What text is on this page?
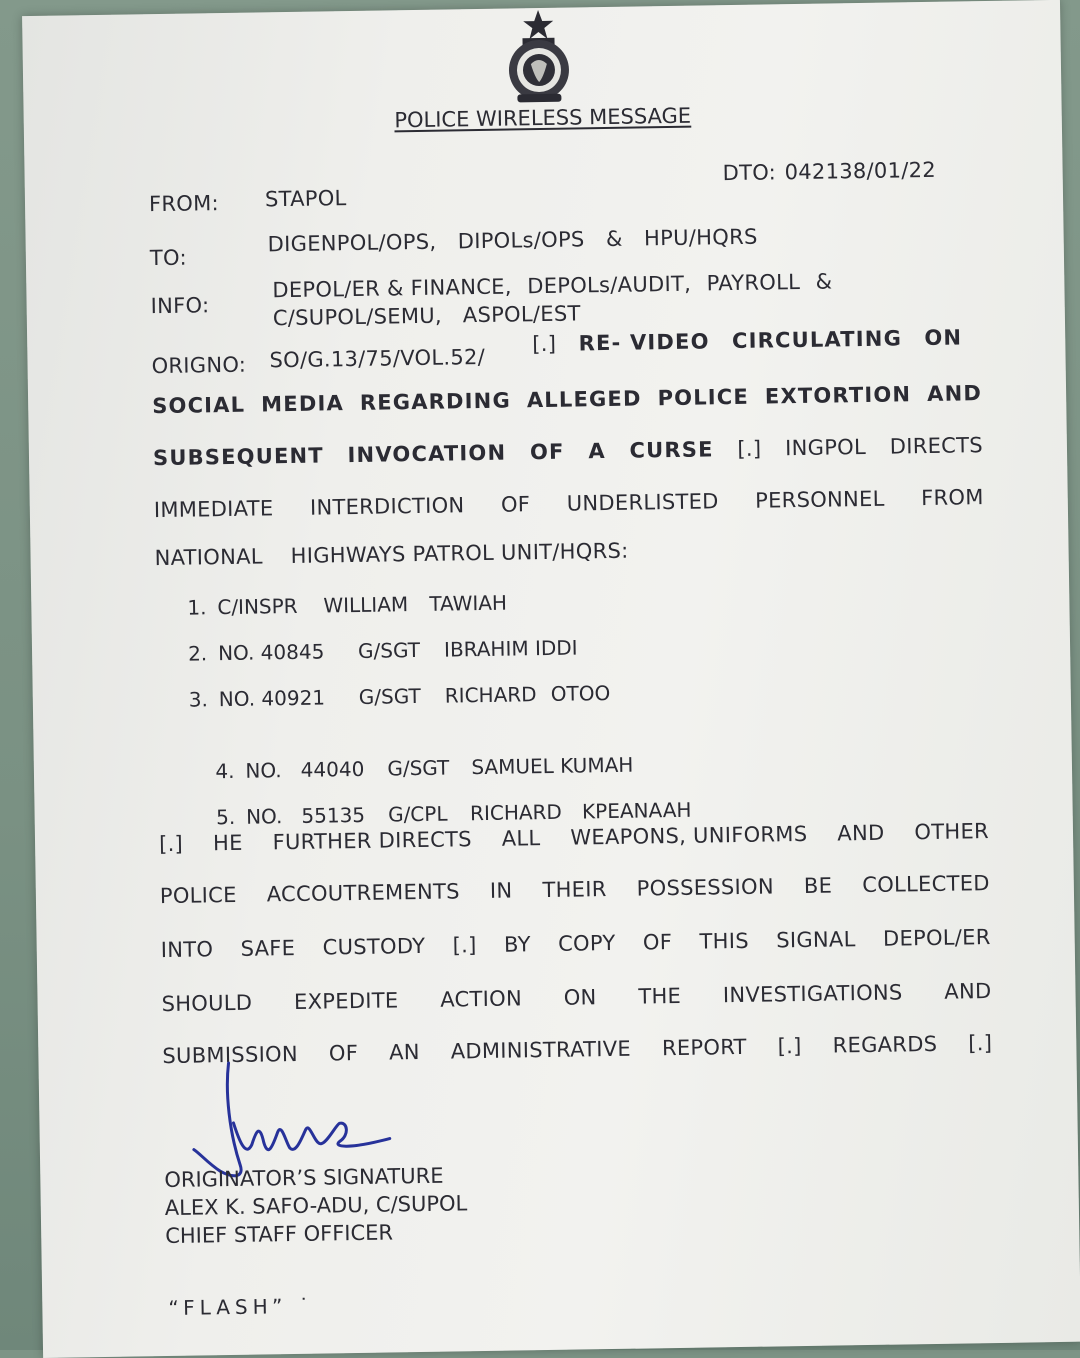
POLICE WIRELESS MESSAGE
FROM: STAPOL
DTO: 042138/01/22
TO:
DIGENPOL/OPS, DIPOLs/OPS & HPU/HQRS
INFO:
DEPOL/ER & FINANCE, DEPOLs/AUDIT, PAYROLL &
C/SUPOL/SEMU,   ASPOL/EST
ORIGNO: SO/G.13/75/VOL.52/
[.] RE- VIDEO CIRCULATING ON
SOCIAL MEDIA REGARDING ALLEGED POLICE EXTORTION AND
SUBSEQUENT INVOCATION OF A CURSE [.] INGPOL DIRECTS
IMMEDIATE INTERDICTION OF UNDERLISTED PERSONNEL FROM
NATIONAL    HIGHWAYS PATROL UNIT/HQRS:
1. C/INSPR WILLIAM TAWIAH
2. NO. 40845 G/SGT IBRAHIM IDDI
3. NO. 40921 G/SGT RICHARD OTOO

4. NO.   44040 G/SGT SAMUEL KUMAH

5. NO.   55135 G/CPL RICHARD KPEANAAH

[.] HE FURTHER DIRECTS ALL WEAPONS, UNIFORMS AND OTHER
POLICE ACCOUTREMENTS IN THEIR POSSESSION BE COLLECTED
INTO SAFE CUSTODY [.] BY COPY OF THIS SIGNAL DEPOL/ER
SHOULD EXPEDITE ACTION ON THE INVESTIGATIONS AND
SUBMISSION OF AN ADMINISTRATIVE REPORT [.] REGARDS [.]
ORIGINATOR’S SIGNATURE
ALEX K. SAFO-ADU, C/SUPOL
CHIEF STAFF OFFICER
“FLASH” ˙
